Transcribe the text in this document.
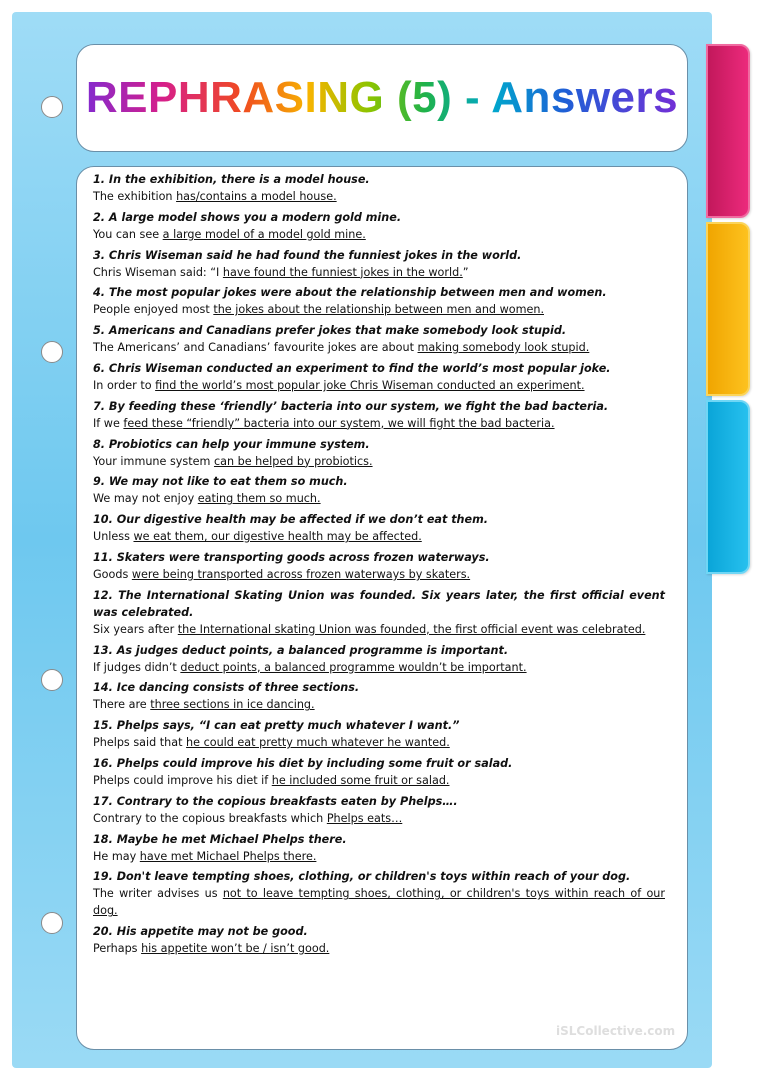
REPHRASING (5) - Answers
1. In the exhibition, there is a model house.
The exhibition has/contains a model house.
2. A large model shows you a modern gold mine.
You can see a large model of a model gold mine.
3. Chris Wiseman said he had found the funniest jokes in the world.
Chris Wiseman said: “I have found the funniest jokes in the world.”
4. The most popular jokes were about the relationship between men and women.
People enjoyed most the jokes about the relationship between men and women.
5. Americans and Canadians prefer jokes that make somebody look stupid.
The Americans’ and Canadians’ favourite jokes are about making somebody look stupid.
6. Chris Wiseman conducted an experiment to find the world’s most popular joke.
In order to find the world’s most popular joke Chris Wiseman conducted an experiment.
7. By feeding these ‘friendly’ bacteria into our system, we fight the bad bacteria.
If we feed these “friendly” bacteria into our system, we will fight the bad bacteria.
8. Probiotics can help your immune system.
Your immune system can be helped by probiotics.
9. We may not like to eat them so much.
We may not enjoy eating them so much.
10. Our digestive health may be affected if we don’t eat them.
Unless we eat them, our digestive health may be affected.
11. Skaters were transporting goods across frozen waterways.
Goods were being transported across frozen waterways by skaters.
12. The International Skating Union was founded. Six years later, the first official event was celebrated.
Six years after the International skating Union was founded, the first official event was celebrated.
13. As judges deduct points, a balanced programme is important.
If judges didn’t deduct points, a balanced programme wouldn’t be important.
14. Ice dancing consists of three sections.
There are three sections in ice dancing.
15. Phelps says, “I can eat pretty much whatever I want.”
Phelps said that he could eat pretty much whatever he wanted.
16. Phelps could improve his diet by including some fruit or salad.
Phelps could improve his diet if he included some fruit or salad.
17. Contrary to the copious breakfasts eaten by Phelps….
Contrary to the copious breakfasts which Phelps eats…
18. Maybe he met Michael Phelps there.
He may have met Michael Phelps there.
19. Don't leave tempting shoes, clothing, or children's toys within reach of your dog.
The writer advises us not to leave tempting shoes, clothing, or children's toys within reach of our dog.
20. His appetite may not be good.
Perhaps his appetite won’t be / isn’t good.
iSLCollective.com
